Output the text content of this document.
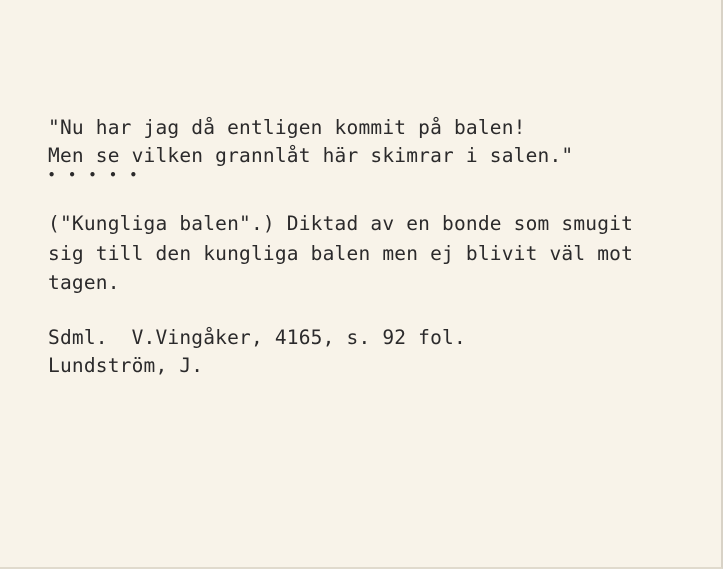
"Nu har jag då entligen kommit på balen!

Men se vilken grannlåt här skimrar i salen."

• • • • •

("Kungliga balen".) Diktad av en bonde som smugit

sig till den kungliga balen men ej blivit väl mot

tagen.

Sdml.  V.Vingåker, 4165, s. 92 fol.

Lundström, J.
